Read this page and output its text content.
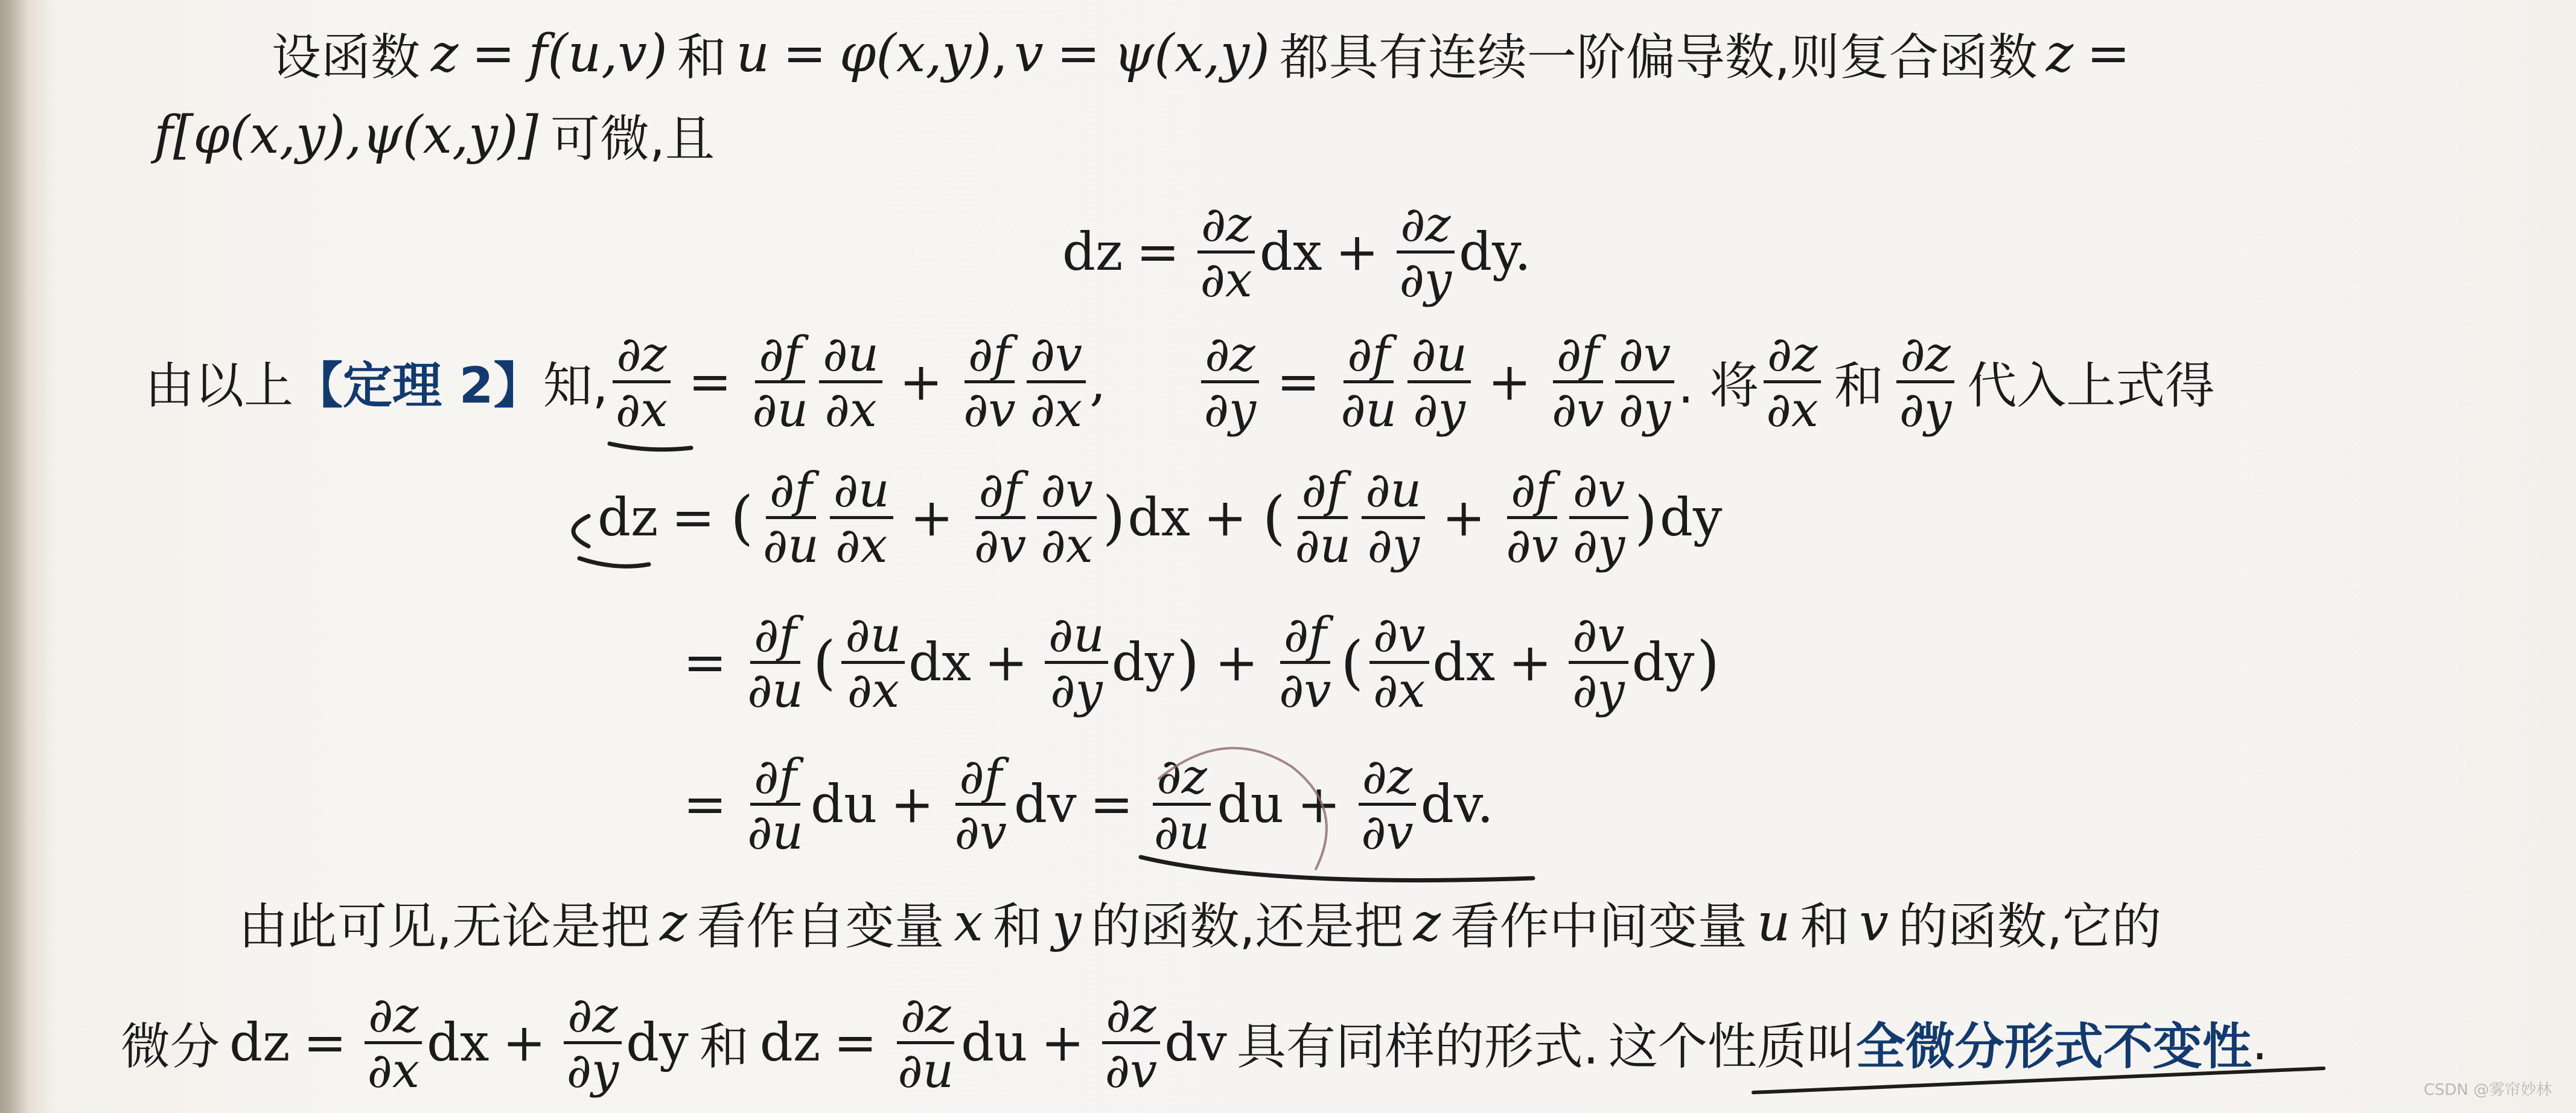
设函数 z = f(u,v) 和 u = φ(x,y) , v = ψ(x,y) 都具有连续一阶偏导数,则复合函数 z =
f[φ(x,y),ψ(x,y)] 可微,且
dz = $\frac{\partial z}{\partial x}$ dx + $\frac{\partial z}{\partial y}$ dy.
由以上 【定理 2】 知, $\frac{\partial z}{\partial x} = \frac{\partial f}{\partial u} \frac{\partial u}{\partial x} + \frac{\partial f}{\partial v} \frac{\partial v}{\partial x}$ , $\frac{\partial z}{\partial y} = \frac{\partial f}{\partial u} \frac{\partial u}{\partial y} + \frac{\partial f}{\partial v} \frac{\partial v}{\partial y}$ . 将 $\frac{\partial z}{\partial x}$ 和 $\frac{\partial z}{\partial y}$ 代入上式得
dz = ( $\frac{\partial f}{\partial u} \frac{\partial u}{\partial x} + \frac{\partial f}{\partial v} \frac{\partial v}{\partial x}$ ) dx + ( $\frac{\partial f}{\partial u} \frac{\partial u}{\partial y} + \frac{\partial f}{\partial v} \frac{\partial v}{\partial y}$ ) dy
= $\frac{\partial f}{\partial u}$ ( $\frac{\partial u}{\partial x}$ dx + $\frac{\partial u}{\partial y}$ dy ) + $\frac{\partial f}{\partial v}$ ( $\frac{\partial v}{\partial x}$ dx + $\frac{\partial v}{\partial y}$ dy )
= $\frac{\partial f}{\partial u}$ du + $\frac{\partial f}{\partial v}$ dv = $\frac{\partial z}{\partial u}$ du + $\frac{\partial z}{\partial v}$ dv.
由此可见,无论是把 z 看作自变量 x 和 y 的函数,还是把 z 看作中间变量 u 和 v 的函数,它的
微分 dz = $\frac{\partial z}{\partial x}$ dx + $\frac{\partial z}{\partial y}$ dy 和 dz = $\frac{\partial z}{\partial u}$ du + $\frac{\partial z}{\partial v}$ dv 具有同样的形式. 这个性质叫 全微分形式不变性 .
CSDN @雾帘妙林
